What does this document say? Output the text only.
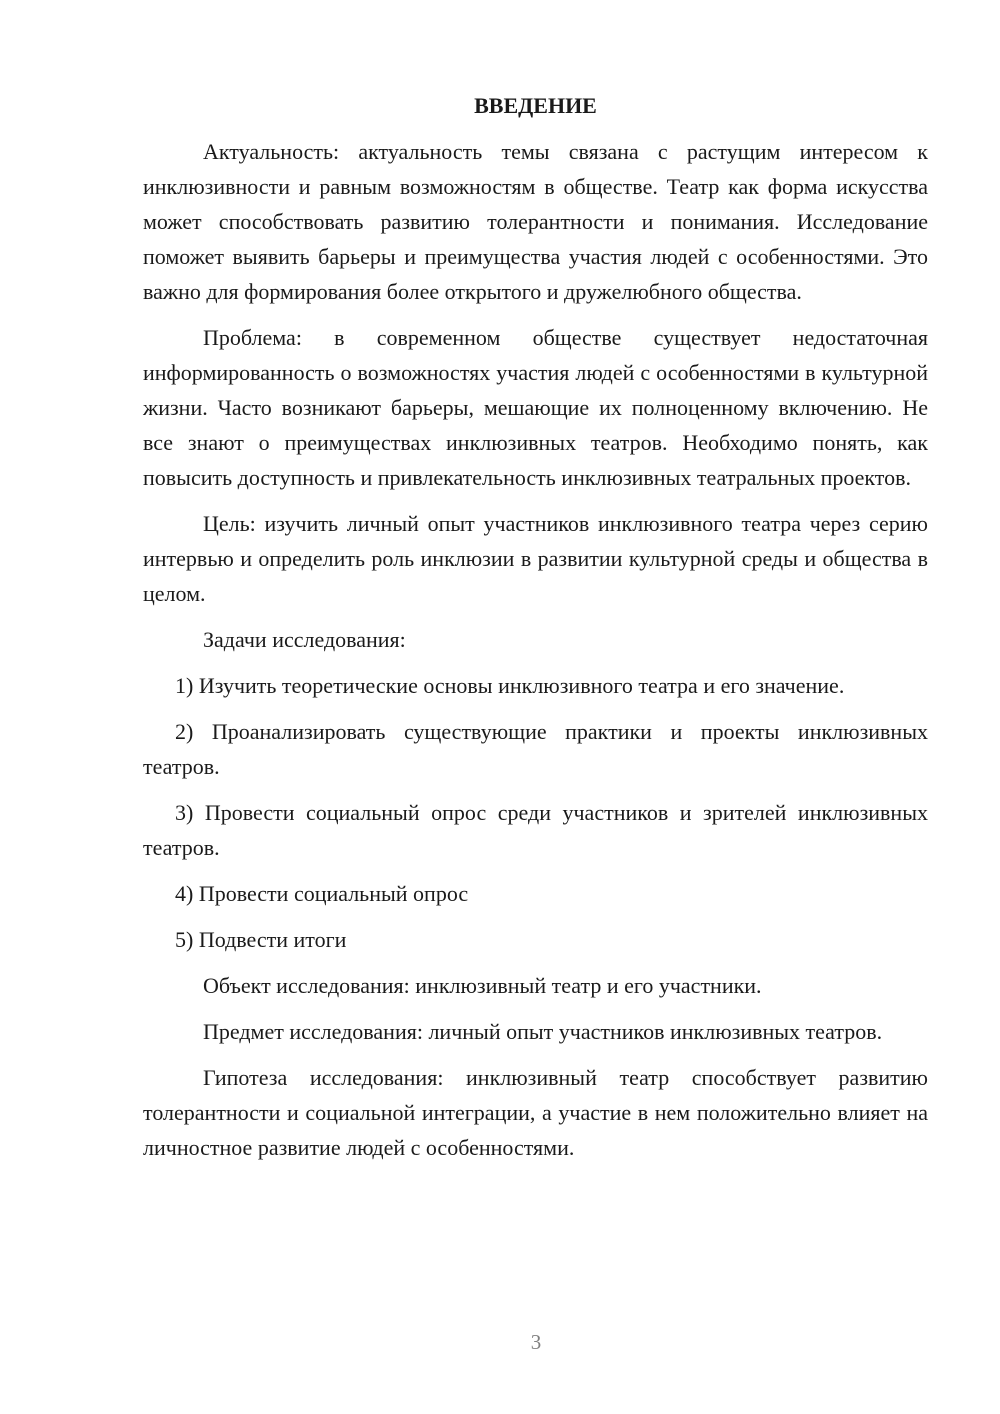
ВВЕДЕНИЕ

Актуальность: актуальность темы связана с растущим интересом к инклюзивности и равным возможностям в обществе. Театр как форма искусства может способствовать развитию толерантности и понимания. Исследование поможет выявить барьеры и преимущества участия людей с особенностями. Это важно для формирования более открытого и дружелюбного общества.

Проблема: в современном обществе существует недостаточная информированность о возможностях участия людей с особенностями в культурной жизни. Часто возникают барьеры, мешающие их полноценному включению. Не все знают о преимуществах инклюзивных театров. Необходимо понять, как повысить доступность и привлекательность инклюзивных театральных проектов.

Цель: изучить личный опыт участников инклюзивного театра через серию интервью и определить роль инклюзии в развитии культурной среды и общества в целом.

Задачи исследования:

1) Изучить теоретические основы инклюзивного театра и его значение.

2) Проанализировать существующие практики и проекты инклюзивных театров.

3) Провести социальный опрос среди участников и зрителей инклюзивных театров.

4) Провести социальный опрос

5) Подвести итоги

Объект исследования: инклюзивный театр и его участники.

Предмет исследования: личный опыт участников инклюзивных театров.

Гипотеза исследования: инклюзивный театр способствует развитию толерантности и социальной интеграции, а участие в нем положительно влияет на личностное развитие людей с особенностями.

3
